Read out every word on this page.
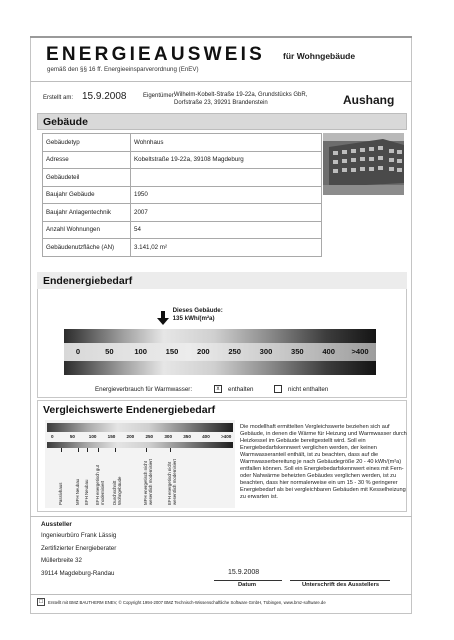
ENERGIEAUSWEIS für Wohngebäude
gemäß den §§ 16 ff. Energieeinsparverordnung (EnEV)
Erstellt am: 15.9.2008	Eigentümer:
Wilhelm-Kobelt-Straße 19-22a, Grundstücks GbR,
Dorfstraße 23, 39291 Brandenstein	Aushang
Gebäude
Gebäudetyp	Wohnhaus
Adresse	Kobeltstraße 19-22a, 39108 Magdeburg
Gebäudeteil	
Baujahr Gebäude	1950
Baujahr Anlagentechnik	2007
Anzahl Wohnungen	54
Gebäudenutzfläche (AN)	3.141,02 m²
Endenergiebedarf
Dieses Gebäude:
135 kWh/(m²a)
0	50	100	150	200	250	300	350	400	>400
Energieverbrauch für Warmwasser:	x	enthalten	nicht enthalten
Vergleichswerte Endenergiebedarf
0	50	100 150 200 250 300 350 400 >400
Passivhaus	MFH Neubau	EFH Neubau	EFH energetisch gut modernisiert Durchschnitt Wohngebäude	MFH energetisch nicht wesentlich modernisiert	EFH energetisch nicht wesentlich modernisiert
Die modellhaft ermittelten Vergleichswerte beziehen sich auf Gebäude, in denen die Wärme für Heizung und Warmwasser durch Heizkessel im Gebäude bereitgestellt wird. Soll ein Energiebedarfskennwert verglichen werden, der keinen Warmwasseranteil enthält, ist zu beachten, dass auf die Warmwasserbereitung je nach Gebäudegröße 20 - 40 kWh/(m²a) entfallen können. Soll ein Energiebedarfskennwert eines mit Fern- oder Nahwärme beheizten Gebäudes verglichen werden, ist zu beachten, dass hier normalerweise ein um 15 - 30 % geringerer Energiebedarf als bei vergleichbaren Gebäuden mit Kesselheizung zu erwarten ist.
Aussteller
Ingenieurbüro Frank Lässig
Zertifizierter Energieberater
Müllerbreite 32
39114 Magdeburg-Randau	15.9.2008
Datum	Unterschrift des Ausstellers
☐	Erstellt mit BMZ BAUTHERM ENEV, © Copyright 1994-2007 BMZ Technisch-Wissenschaftliche Software GmbH, Tübingen, www.bmz-software.de
